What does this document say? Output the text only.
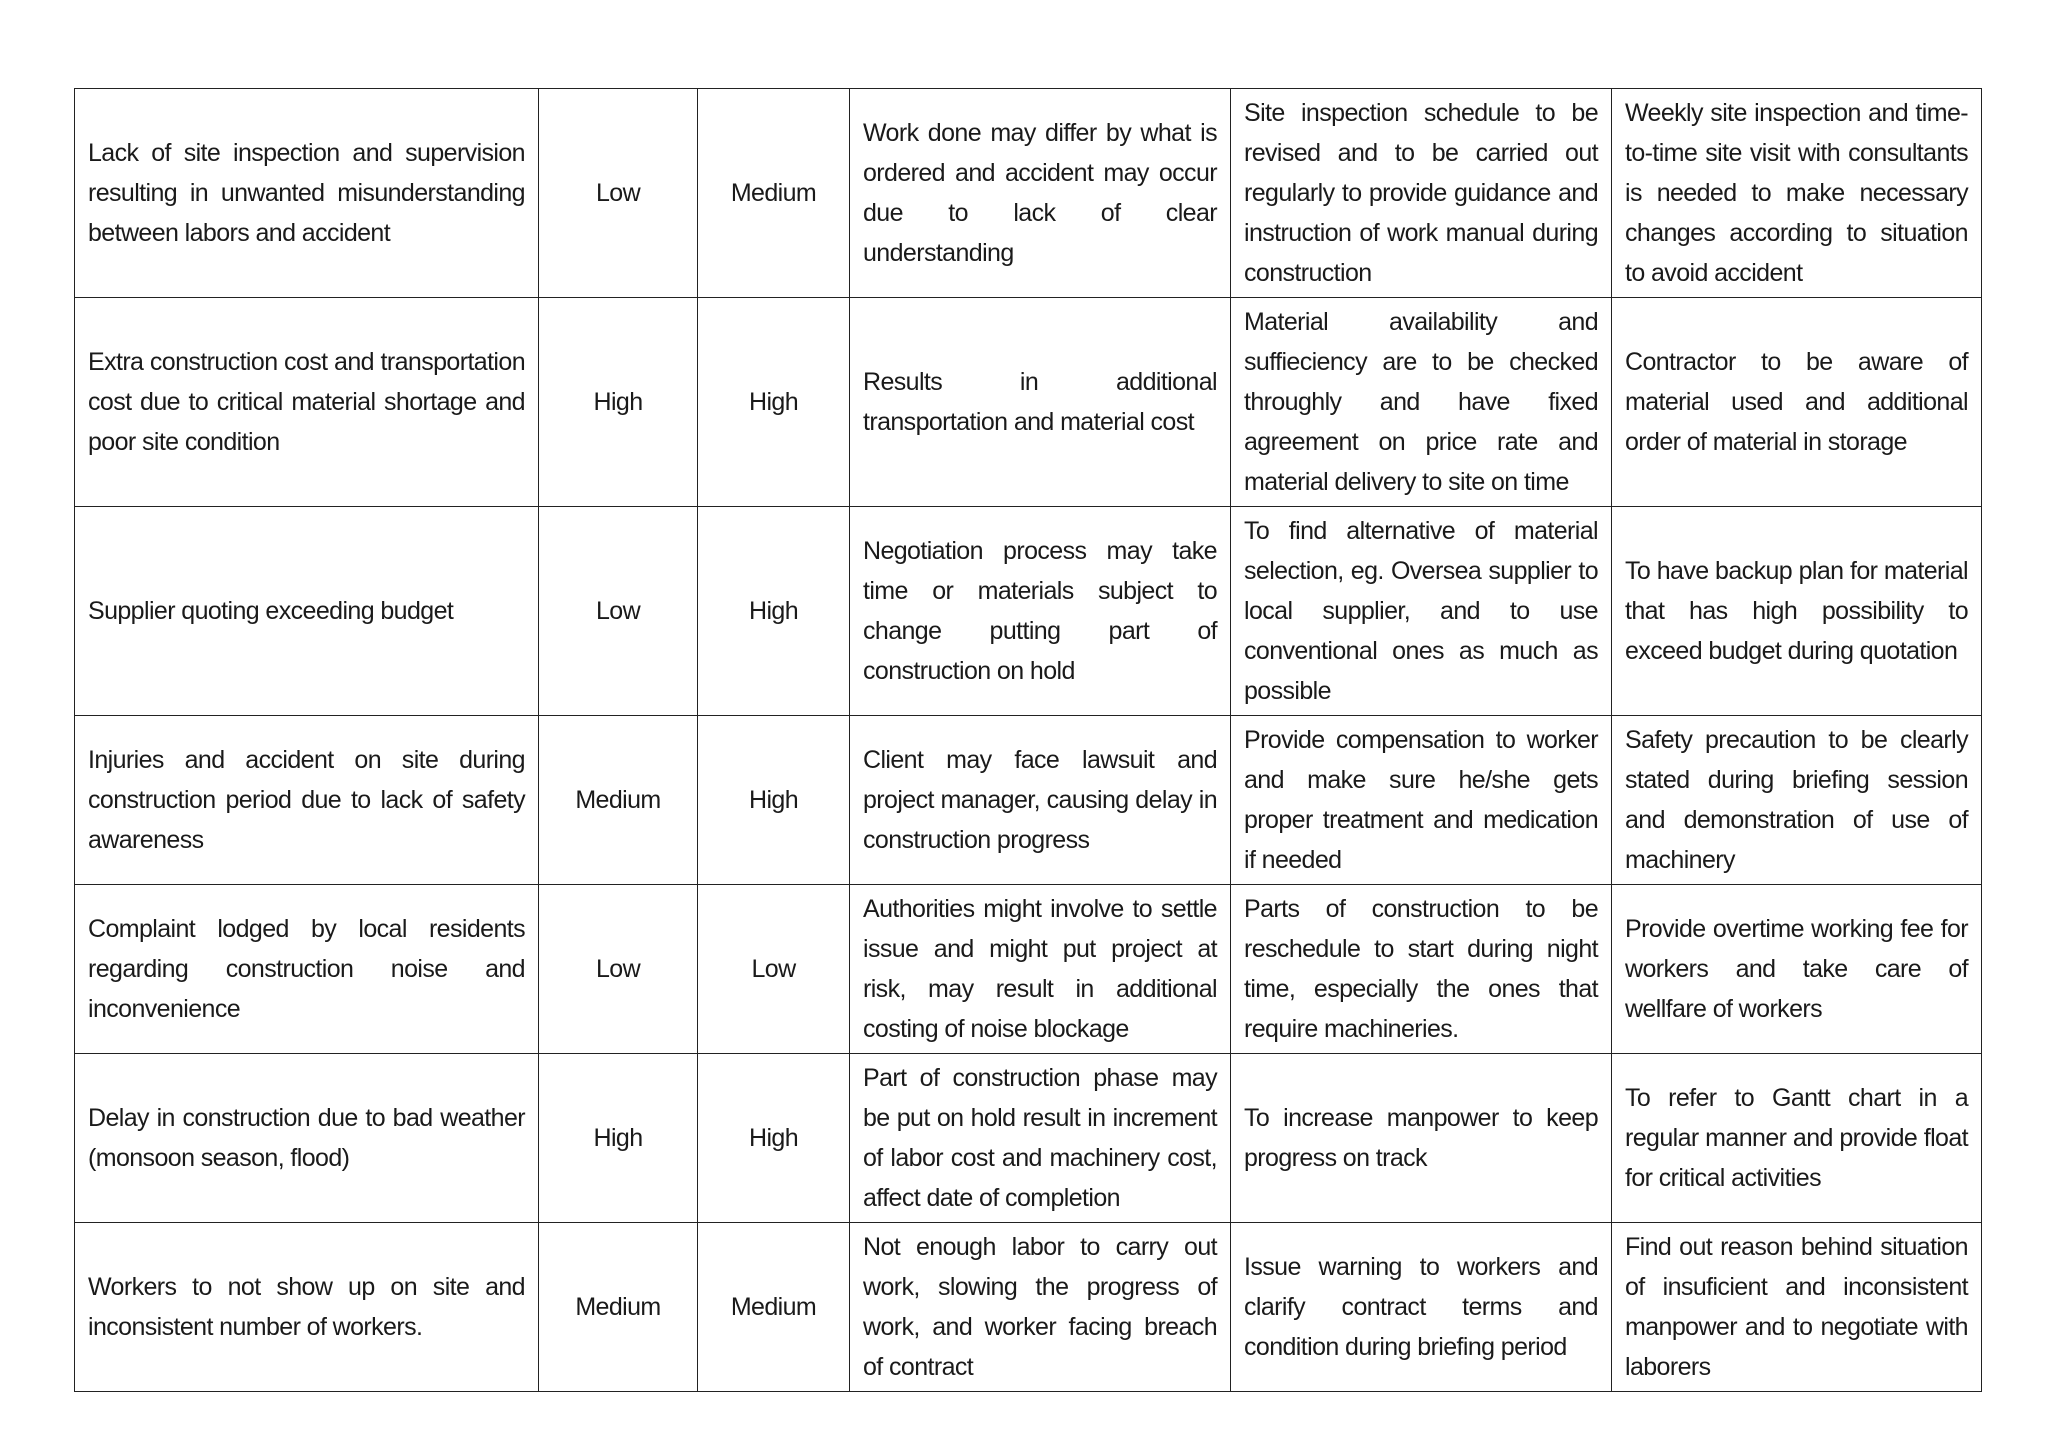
Lack of site inspection and supervision resulting in unwanted misunderstanding between labors and accident	Low	Medium	Work done may differ by what is ordered and accident may occur due to lack of clear understanding	Site inspection schedule to be revised and to be carried out regularly to provide guidance and instruction of work manual during construction	Weekly site inspection and time-to-time site visit with consultants is needed to make necessary changes according to situation to avoid accident
Extra construction cost and transportation cost due to critical material shortage and poor site condition	High	High	Results in additional transportation and material cost	Material availability and suffieciency are to be checked throughly and have fixed agreement on price rate and material delivery to site on time	Contractor to be aware of material used and additional order of material in storage
Supplier quoting exceeding budget	Low	High	Negotiation process may take time or materials subject to change putting part of construction on hold	To find alternative of material selection, eg. Oversea supplier to local supplier, and to use conventional ones as much as possible	To have backup plan for material that has high possibility to exceed budget during quotation
Injuries and accident on site during construction period due to lack of safety awareness	Medium	High	Client may face lawsuit and project manager, causing delay in construction progress	Provide compensation to worker and make sure he/she gets proper treatment and medication if needed	Safety precaution to be clearly stated during briefing session and demonstration of use of machinery
Complaint lodged by local residents regarding construction noise and inconvenience	Low	Low	Authorities might involve to settle issue and might put project at risk, may result in additional costing of noise blockage	Parts of construction to be reschedule to start during night time, especially the ones that require machineries.	Provide overtime working fee for workers and take care of wellfare of workers
Delay in construction due to bad weather (monsoon season, flood)	High	High	Part of construction phase may be put on hold result in increment of labor cost and machinery cost, affect date of completion	To increase manpower to keep progress on track	To refer to Gantt chart in a regular manner and provide float for critical activities
Workers to not show up on site and inconsistent number of workers.	Medium	Medium	Not enough labor to carry out work, slowing the progress of work, and worker facing breach of contract	Issue warning to workers and clarify contract terms and condition during briefing period	Find out reason behind situation of insuficient and inconsistent manpower and to negotiate with laborers
